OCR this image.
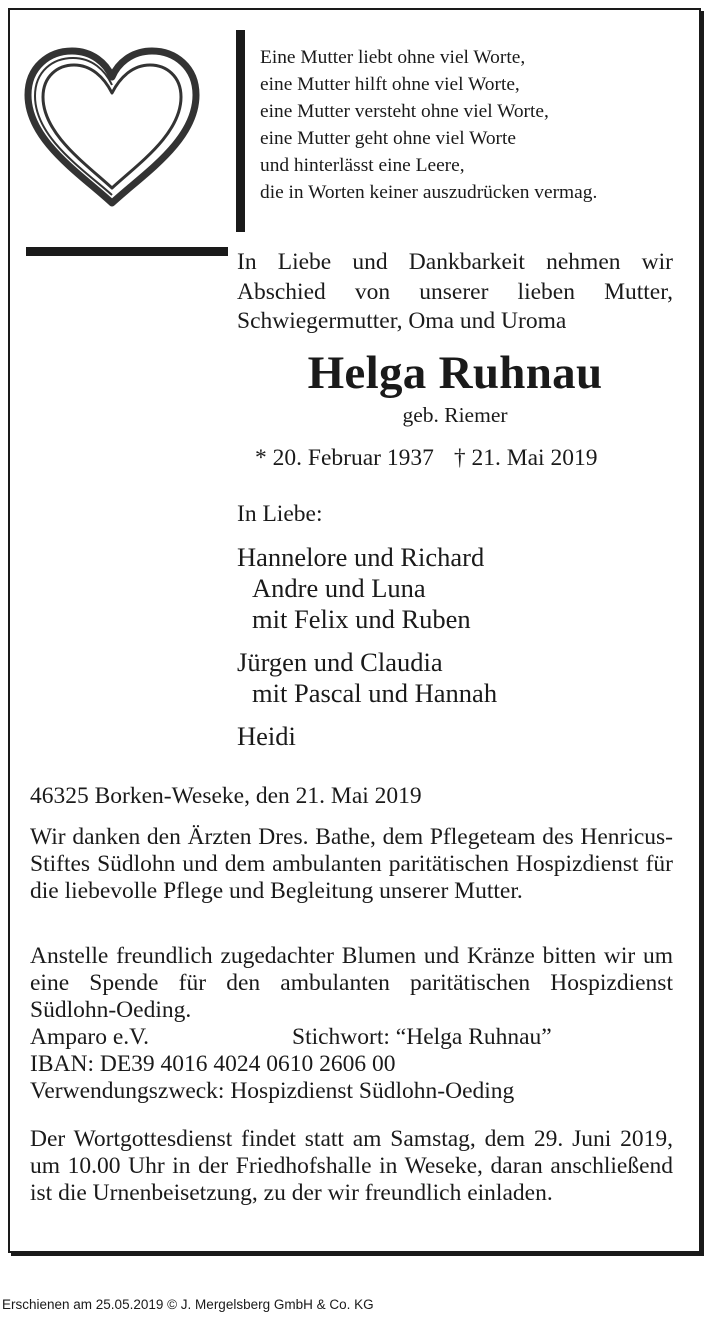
Eine Mutter liebt ohne viel Worte,
eine Mutter hilft ohne viel Worte,
eine Mutter versteht ohne viel Worte,
eine Mutter geht ohne viel Worte
und hinterlässt eine Leere,
die in Worten keiner auszudrücken vermag.
In Liebe und Dankbarkeit nehmen wir Abschied von unserer lieben Mutter, Schwiegermutter, Oma und Uroma
Helga Ruhnau
geb. Riemer
* 20. Februar 1937 † 21. Mai 2019
In Liebe:
Hannelore und Richard
Andre und Luna
mit Felix und Ruben
Jürgen und Claudia
mit Pascal und Hannah
Heidi
46325 Borken-Weseke, den 21. Mai 2019
Wir danken den Ärzten Dres. Bathe, dem Pflegeteam des Henricus-Stiftes Südlohn und dem ambulanten paritätischen Hospizdienst für die liebevolle Pflege und Begleitung unserer Mutter.
Anstelle freundlich zugedachter Blumen und Kränze bitten wir um eine Spende für den ambulanten paritätischen Hospizdienst Südlohn-Oeding.
Amparo e.V.	Stichwort: “Helga Ruhnau”
IBAN: DE39 4016 4024 0610 2606 00
Verwendungszweck: Hospizdienst Südlohn-Oeding
Der Wortgottesdienst findet statt am Samstag, dem 29. Juni 2019, um 10.00 Uhr in der Friedhofshalle in Weseke, daran anschließend ist die Urnenbeisetzung, zu der wir freundlich einladen.
Erschienen am 25.05.2019 © J. Mergelsberg GmbH & Co. KG
